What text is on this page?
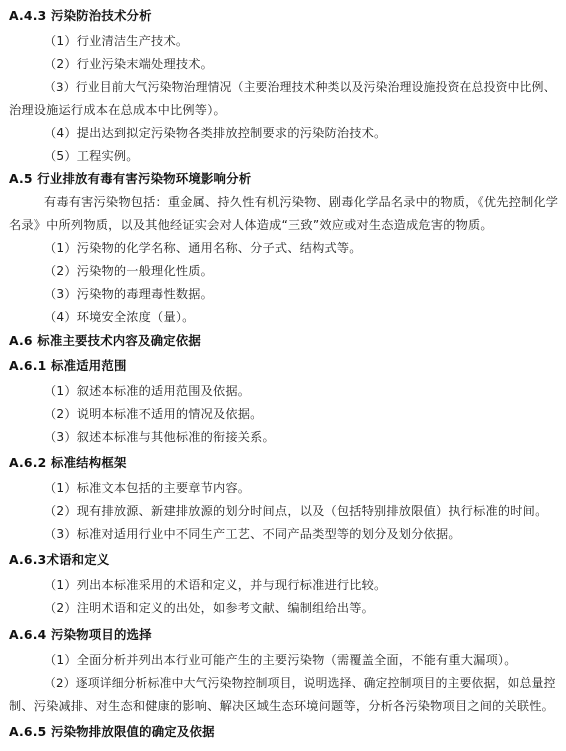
A.4.3 污染防治技术分析
（1）行业清洁生产技术。
（2）行业污染末端处理技术。
（3）行业目前大气污染物治理情况（主要治理技术种类以及污染治理设施投资在总投资中比例、
治理设施运行成本在总成本中比例等）。
（4）提出达到拟定污染物各类排放控制要求的污染防治技术。
（5）工程实例。
A.5 行业排放有毒有害污染物环境影响分析
有毒有害污染物包括：重金属、持久性有机污染物、剧毒化学品名录中的物质，《优先控制化学
名录》中所列物质，以及其他经证实会对人体造成“三致”效应或对生态造成危害的物质。
（1）污染物的化学名称、通用名称、分子式、结构式等。
（2）污染物的一般理化性质。
（3）污染物的毒理毒性数据。
（4）环境安全浓度（量）。
A.6 标准主要技术内容及确定依据
A.6.1 标准适用范围
（1）叙述本标准的适用范围及依据。
（2）说明本标准不适用的情况及依据。
（3）叙述本标准与其他标准的衔接关系。
A.6.2 标准结构框架
（1）标准文本包括的主要章节内容。
（2）现有排放源、新建排放源的划分时间点，以及（包括特别排放限值）执行标准的时间。
（3）标准对适用行业中不同生产工艺、不同产品类型等的划分及划分依据。
A.6.3术语和定义
（1）列出本标准采用的术语和定义，并与现行标准进行比较。
（2）注明术语和定义的出处，如参考文献、编制组给出等。
A.6.4 污染物项目的选择
（1）全面分析并列出本行业可能产生的主要污染物（需覆盖全面，不能有重大漏项）。
（2）逐项详细分析标准中大气污染物控制项目，说明选择、确定控制项目的主要依据，如总量控
制、污染减排、对生态和健康的影响、解决区域生态环境问题等，分析各污染物项目之间的关联性。
A.6.5 污染物排放限值的确定及依据
